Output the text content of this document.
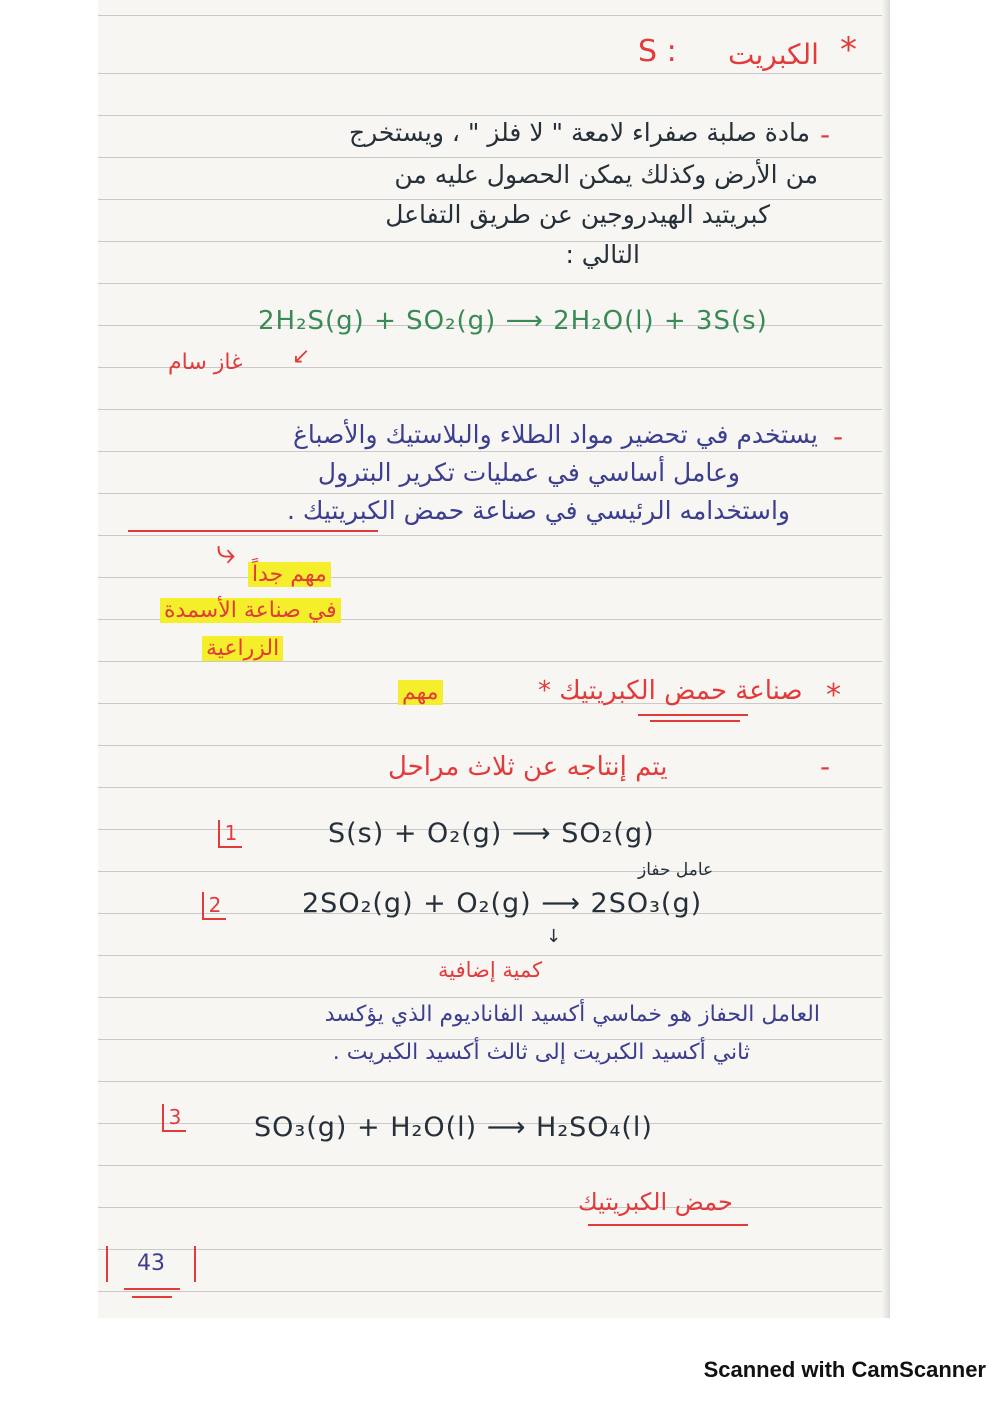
*
الكبريت
S :
-
مادة صلبة صفراء لامعة " لا فلز " ، ويستخرج
من الأرض وكذلك يمكن الحصول عليه من
كبريتيد الهيدروجين عن طريق التفاعل
التالي :
2H₂S(g) + SO₂(g) ⟶ 2H₂O(l) + 3S(s)
غاز سام ↙
-
يستخدم في تحضير مواد الطلاء والبلاستيك والأصباغ
وعامل أساسي في عمليات تكرير البترول
واستخدامه الرئيسي في صناعة حمض الكبريتيك .
⤷
مهم جداً
في صناعة الأسمدة
الزراعية
*
صناعة حمض الكبريتيك *
مهم
-
يتم إنتاجه عن ثلاث مراحل
1	S(s) + O₂(g) ⟶ SO₂(g)
2	2SO₂(g) + O₂(g) ⟶ 2SO₃(g)
عامل حفاز
↓
كمية إضافية
العامل الحفاز هو خماسي أكسيد الفاناديوم الذي يؤكسد
ثاني أكسيد الكبريت إلى ثالث أكسيد الكبريت .
3	SO₃(g) + H₂O(l) ⟶ H₂SO₄(l)
حمض الكبريتيك
43
Scanned with CamScanner
